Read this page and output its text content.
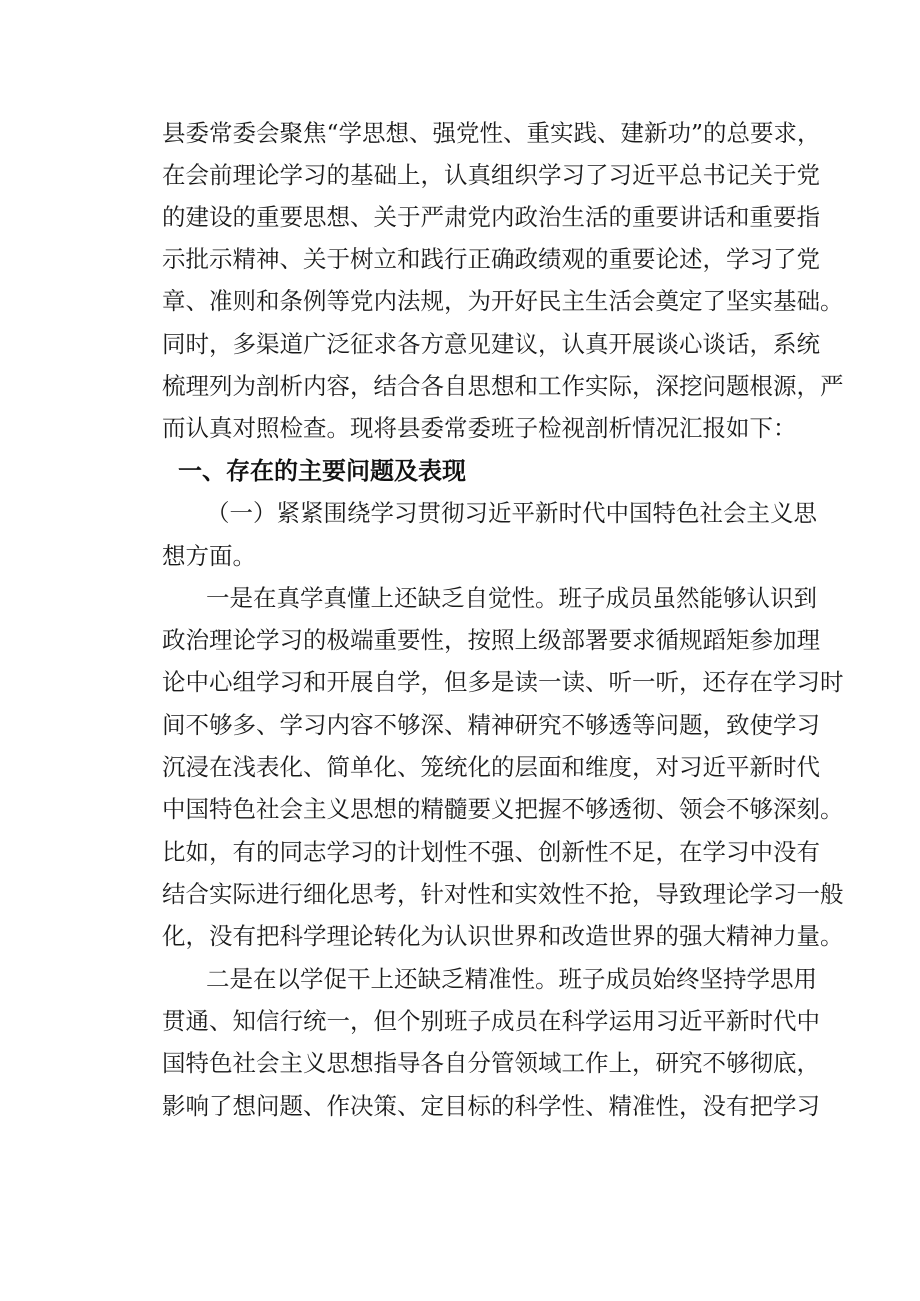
县委常委会聚焦“学思想、强党性、重实践、建新功”的总要求，
在会前理论学习的基础上，认真组织学习了习近平总书记关于党
的建设的重要思想、关于严肃党内政治生活的重要讲话和重要指
示批示精神、关于树立和践行正确政绩观的重要论述，学习了党
章、准则和条例等党内法规，为开好民主生活会奠定了坚实基础。
同时，多渠道广泛征求各方意见建议，认真开展谈心谈话，系统
梳理列为剖析内容，结合各自思想和工作实际，深挖问题根源，严
而认真对照检查。现将县委常委班子检视剖析情况汇报如下：
一、存在的主要问题及表现
（一）紧紧围绕学习贯彻习近平新时代中国特色社会主义思
想方面。
一是在真学真懂上还缺乏自觉性。班子成员虽然能够认识到
政治理论学习的极端重要性，按照上级部署要求循规蹈矩参加理
论中心组学习和开展自学，但多是读一读、听一听，还存在学习时
间不够多、学习内容不够深、精神研究不够透等问题，致使学习
沉浸在浅表化、简单化、笼统化的层面和维度，对习近平新时代
中国特色社会主义思想的精髓要义把握不够透彻、领会不够深刻。
比如，有的同志学习的计划性不强、创新性不足，在学习中没有
结合实际进行细化思考，针对性和实效性不抢，导致理论学习一般
化，没有把科学理论转化为认识世界和改造世界的强大精神力量。
二是在以学促干上还缺乏精准性。班子成员始终坚持学思用
贯通、知信行统一，但个别班子成员在科学运用习近平新时代中
国特色社会主义思想指导各自分管领域工作上，研究不够彻底，
影响了想问题、作决策、定目标的科学性、精准性，没有把学习
